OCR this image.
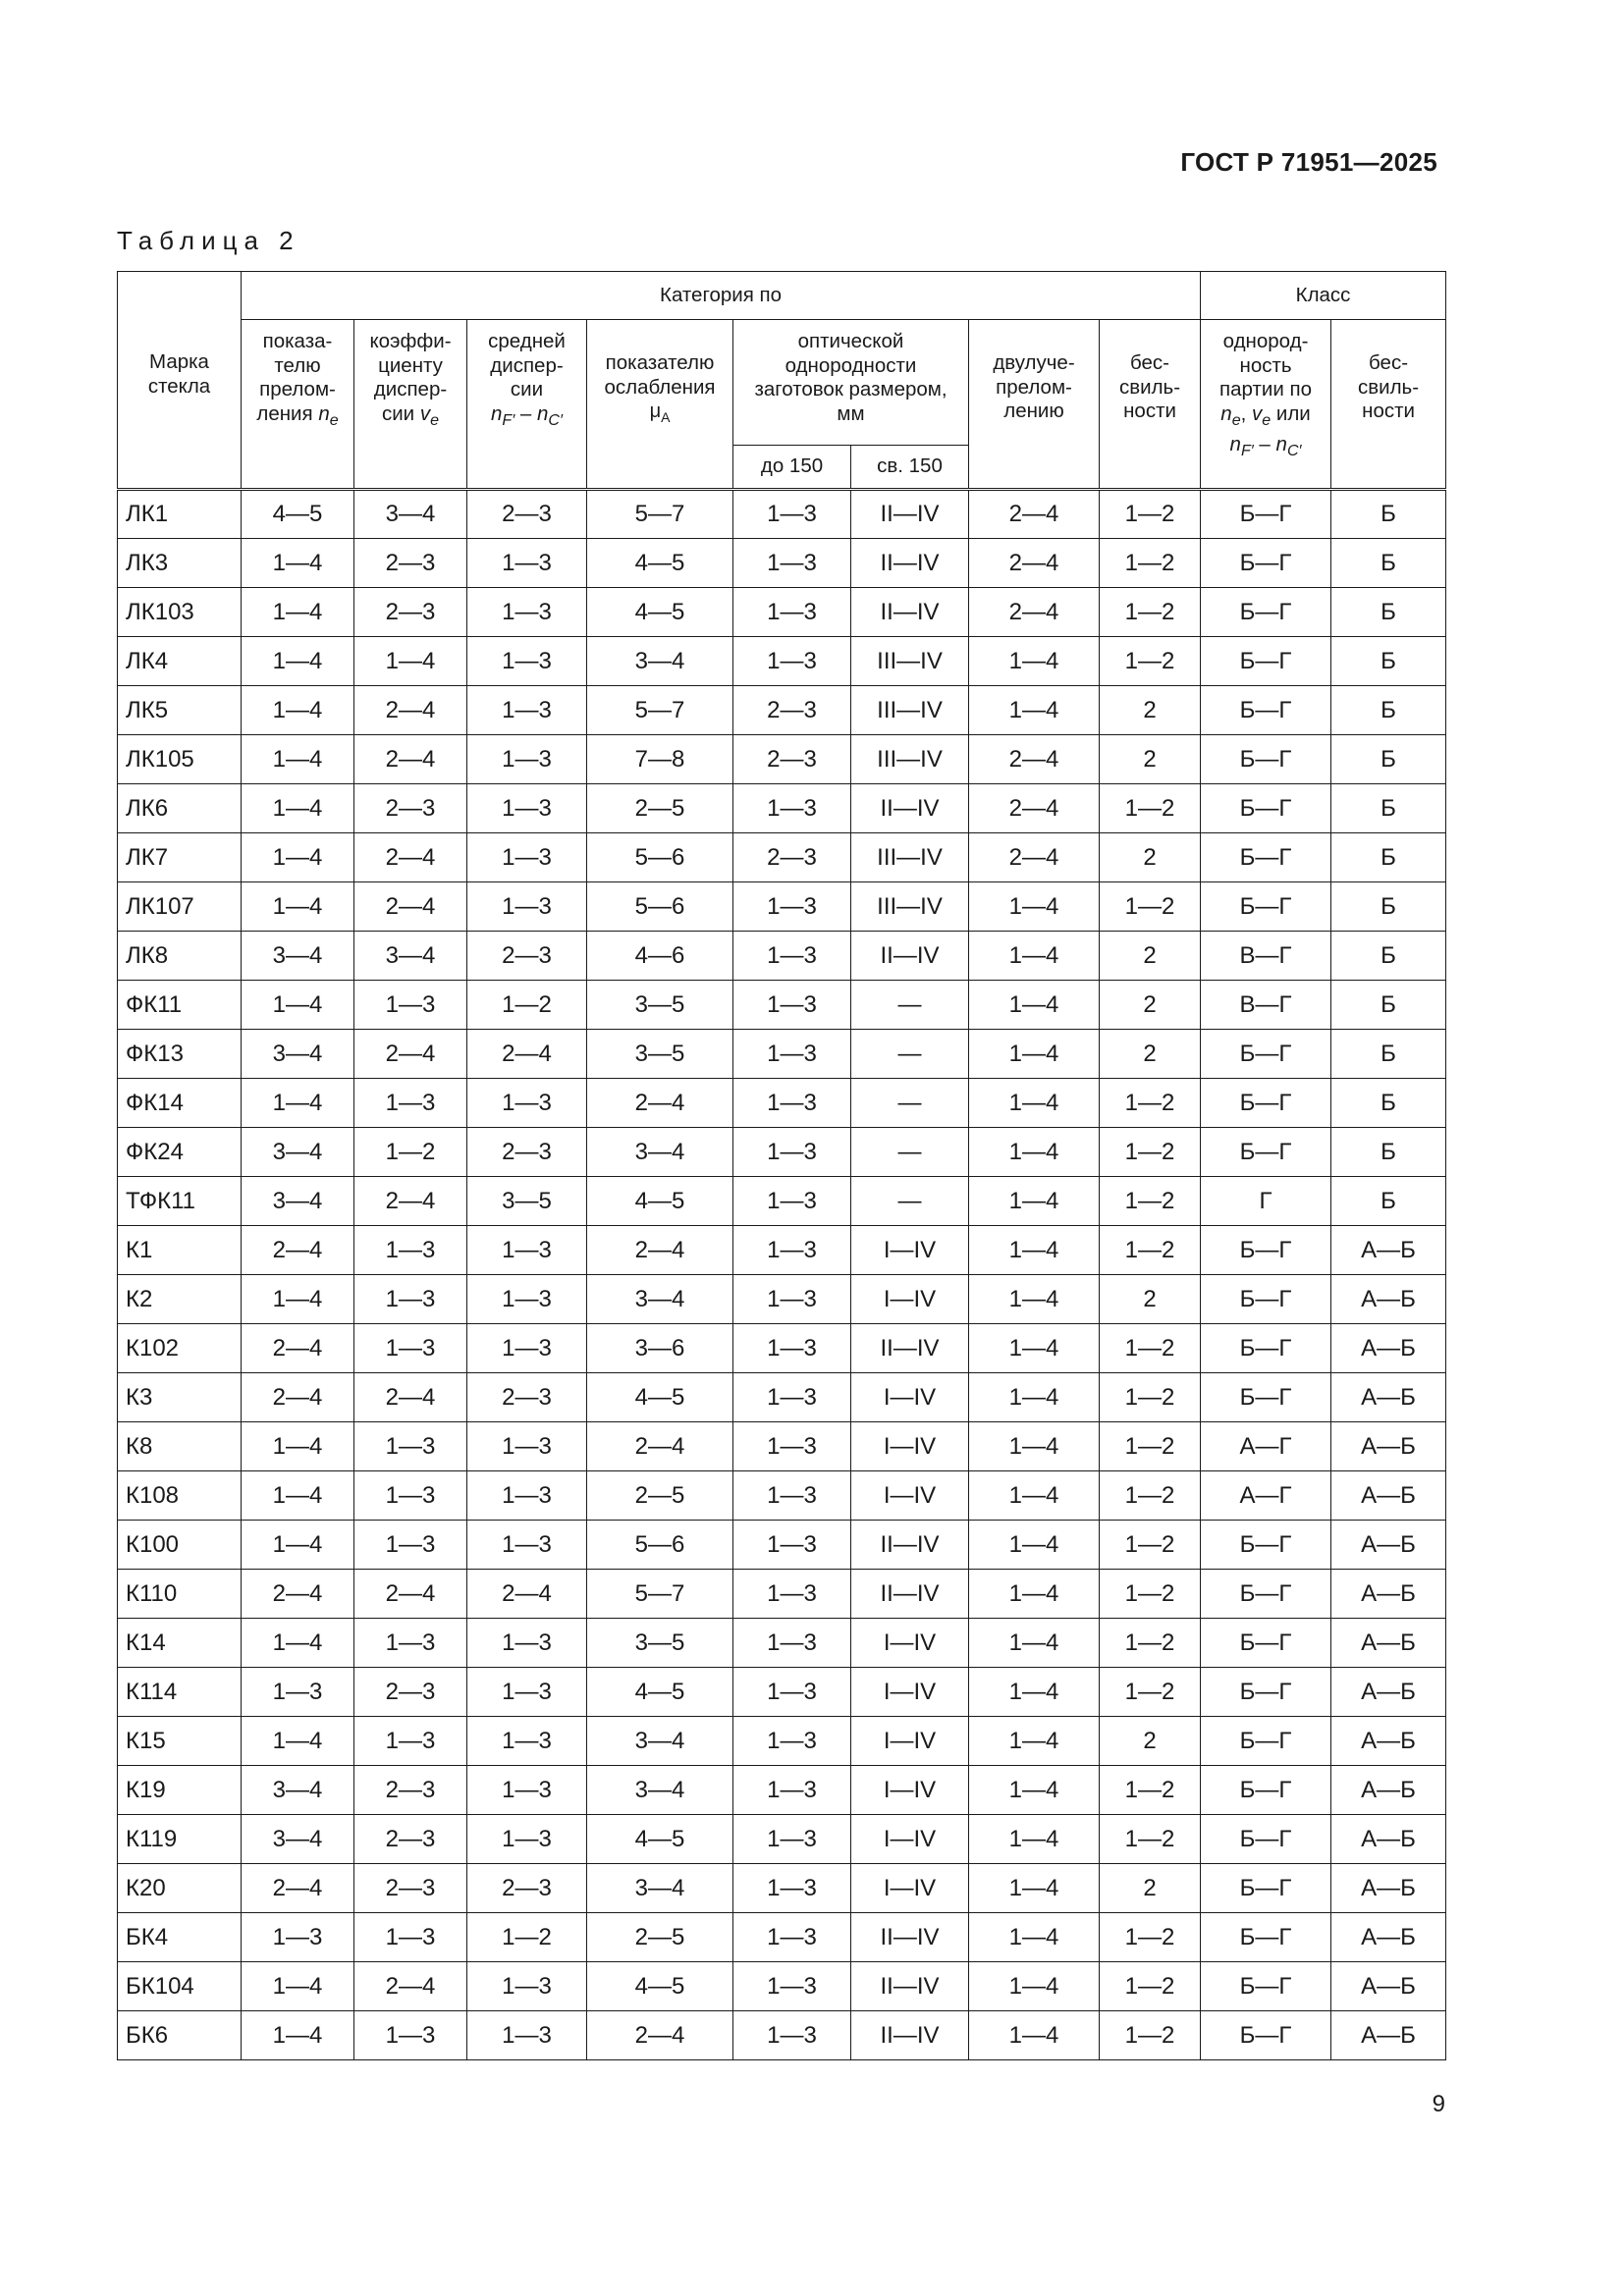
ГОСТ Р 71951—2025
Таблица 2
Марка
стекла	Категория по								Класс	
	показа-
телю
прелом-
ления $n_e$	коэффи-
циенту
диспер-
сии $v_e$	средней
диспер-
сии
$n_{F'} - n_{C'}$	показателю
ослабления
$\mu_A$	оптической
однородности
заготовок размером,
мм		двулуче-
прелом-
лению	бес-
свиль-
ности	однород-
ность
партии по
$n_e$, $v_e$ или
$n_{F'} - n_{C'}$	бес-
свиль-
ности

					до 150	св. 150				
ЛК1	4—5	3—4	2—3	5—7	1—3	II—IV	2—4	1—2	Б—Г	Б
ЛК3	1—4	2—3	1—3	4—5	1—3	II—IV	2—4	1—2	Б—Г	Б
ЛК103	1—4	2—3	1—3	4—5	1—3	II—IV	2—4	1—2	Б—Г	Б
ЛК4	1—4	1—4	1—3	3—4	1—3	III—IV	1—4	1—2	Б—Г	Б
ЛК5	1—4	2—4	1—3	5—7	2—3	III—IV	1—4	2	Б—Г	Б
ЛК105	1—4	2—4	1—3	7—8	2—3	III—IV	2—4	2	Б—Г	Б
ЛК6	1—4	2—3	1—3	2—5	1—3	II—IV	2—4	1—2	Б—Г	Б
ЛК7	1—4	2—4	1—3	5—6	2—3	III—IV	2—4	2	Б—Г	Б
ЛК107	1—4	2—4	1—3	5—6	1—3	III—IV	1—4	1—2	Б—Г	Б
ЛК8	3—4	3—4	2—3	4—6	1—3	II—IV	1—4	2	В—Г	Б
ФК11	1—4	1—3	1—2	3—5	1—3	—	1—4	2	В—Г	Б
ФК13	3—4	2—4	2—4	3—5	1—3	—	1—4	2	Б—Г	Б
ФК14	1—4	1—3	1—3	2—4	1—3	—	1—4	1—2	Б—Г	Б
ФК24	3—4	1—2	2—3	3—4	1—3	—	1—4	1—2	Б—Г	Б
ТФК11	3—4	2—4	3—5	4—5	1—3	—	1—4	1—2	Г	Б
К1	2—4	1—3	1—3	2—4	1—3	I—IV	1—4	1—2	Б—Г	А—Б
К2	1—4	1—3	1—3	3—4	1—3	I—IV	1—4	2	Б—Г	А—Б
К102	2—4	1—3	1—3	3—6	1—3	II—IV	1—4	1—2	Б—Г	А—Б
К3	2—4	2—4	2—3	4—5	1—3	I—IV	1—4	1—2	Б—Г	А—Б
К8	1—4	1—3	1—3	2—4	1—3	I—IV	1—4	1—2	А—Г	А—Б
К108	1—4	1—3	1—3	2—5	1—3	I—IV	1—4	1—2	А—Г	А—Б
К100	1—4	1—3	1—3	5—6	1—3	II—IV	1—4	1—2	Б—Г	А—Б
К110	2—4	2—4	2—4	5—7	1—3	II—IV	1—4	1—2	Б—Г	А—Б
К14	1—4	1—3	1—3	3—5	1—3	I—IV	1—4	1—2	Б—Г	А—Б
К114	1—3	2—3	1—3	4—5	1—3	I—IV	1—4	1—2	Б—Г	А—Б
К15	1—4	1—3	1—3	3—4	1—3	I—IV	1—4	2	Б—Г	А—Б
К19	3—4	2—3	1—3	3—4	1—3	I—IV	1—4	1—2	Б—Г	А—Б
К119	3—4	2—3	1—3	4—5	1—3	I—IV	1—4	1—2	Б—Г	А—Б
К20	2—4	2—3	2—3	3—4	1—3	I—IV	1—4	2	Б—Г	А—Б
БК4	1—3	1—3	1—2	2—5	1—3	II—IV	1—4	1—2	Б—Г	А—Б
БК104	1—4	2—4	1—3	4—5	1—3	II—IV	1—4	1—2	Б—Г	А—Б
БК6	1—4	1—3	1—3	2—4	1—3	II—IV	1—4	1—2	Б—Г	А—Б
9
